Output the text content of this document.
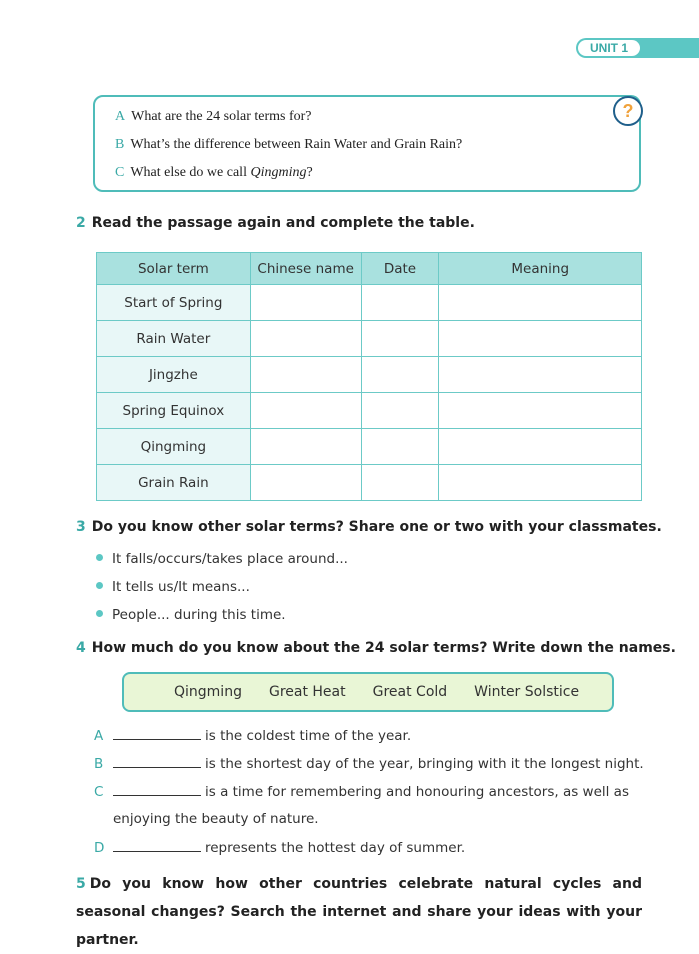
UNIT 1
A What are the 24 solar terms for?
B What’s the difference between Rain Water and Grain Rain?
C What else do we call Qingming?
?
2 Read the passage again and complete the table.
Solar term	Chinese name	Date	Meaning
Start of Spring			
Rain Water			
Jingzhe			
Spring Equinox			
Qingming			
Grain Rain			
3 Do you know other solar terms? Share one or two with your classmates.
It falls/occurs/takes place around...
It tells us/It means...
People... during this time.
4 How much do you know about the 24 solar terms? Write down the names.
Qingming Great Heat Great Cold Winter Solstice
A	is the coldest time of the year.
B	is the shortest day of the year, bringing with it the longest night.
C	is a time for remembering and honouring ancestors, as well as
enjoying the beauty of nature.
D	represents the hottest day of summer.
5 Do you know how other countries celebrate natural cycles and seasonal changes? Search the internet and share your ideas with your partner.
